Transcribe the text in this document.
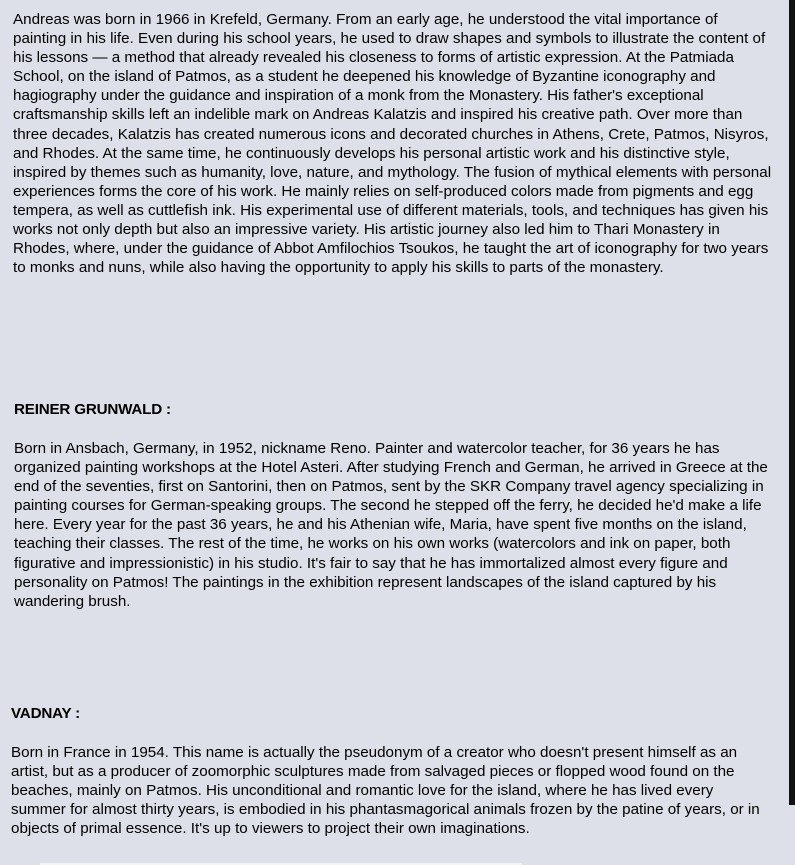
Andreas was born in 1966 in Krefeld, Germany. From an early age, he understood the vital importance of painting in his life. Even during his school years, he used to draw shapes and symbols to illustrate the content of his lessons — a method that already revealed his closeness to forms of artistic expression. At the Patmiada School, on the island of Patmos, as a student he deepened his knowledge of Byzantine iconography and hagiography under the guidance and inspiration of a monk from the Monastery. His father's exceptional craftsmanship skills left an indelible mark on Andreas Kalatzis and inspired his creative path. Over more than three decades, Kalatzis has created numerous icons and decorated churches in Athens, Crete, Patmos, Nisyros, and Rhodes. At the same time, he continuously develops his personal artistic work and his distinctive style, inspired by themes such as humanity, love, nature, and mythology. The fusion of mythical elements with personal experiences forms the core of his work. He mainly relies on self-produced colors made from pigments and egg tempera, as well as cuttlefish ink. His experimental use of different materials, tools, and techniques has given his works not only depth but also an impressive variety. His artistic journey also led him to Thari Monastery in Rhodes, where, under the guidance of Abbot Amfilochios Tsoukos, he taught the art of iconography for two years to monks and nuns, while also having the opportunity to apply his skills to parts of the monastery.

REINER GRUNWALD :

Born in Ansbach, Germany, in 1952, nickname Reno. Painter and watercolor teacher, for 36 years he has organized painting workshops at the Hotel Asteri. After studying French and German, he arrived in Greece at the end of the seventies, first on Santorini, then on Patmos, sent by the SKR Company travel agency specializing in painting courses for German-speaking groups. The second he stepped off the ferry, he decided he'd make a life here. Every year for the past 36 years, he and his Athenian wife, Maria, have spent five months on the island, teaching their classes. The rest of the time, he works on his own works (watercolors and ink on paper, both figurative and impressionistic) in his studio. It's fair to say that he has immortalized almost every figure and personality on Patmos! The paintings in the exhibition represent landscapes of the island captured by his wandering brush.

VADNAY :

Born in France in 1954. This name is actually the pseudonym of a creator who doesn't present himself as an artist, but as a producer of zoomorphic sculptures made from salvaged pieces or flopped wood found on the beaches, mainly on Patmos. His unconditional and romantic love for the island, where he has lived every summer for almost thirty years, is embodied in his phantasmagorical animals frozen by the patine of years, or in objects of primal essence. It's up to viewers to project their own imaginations.
